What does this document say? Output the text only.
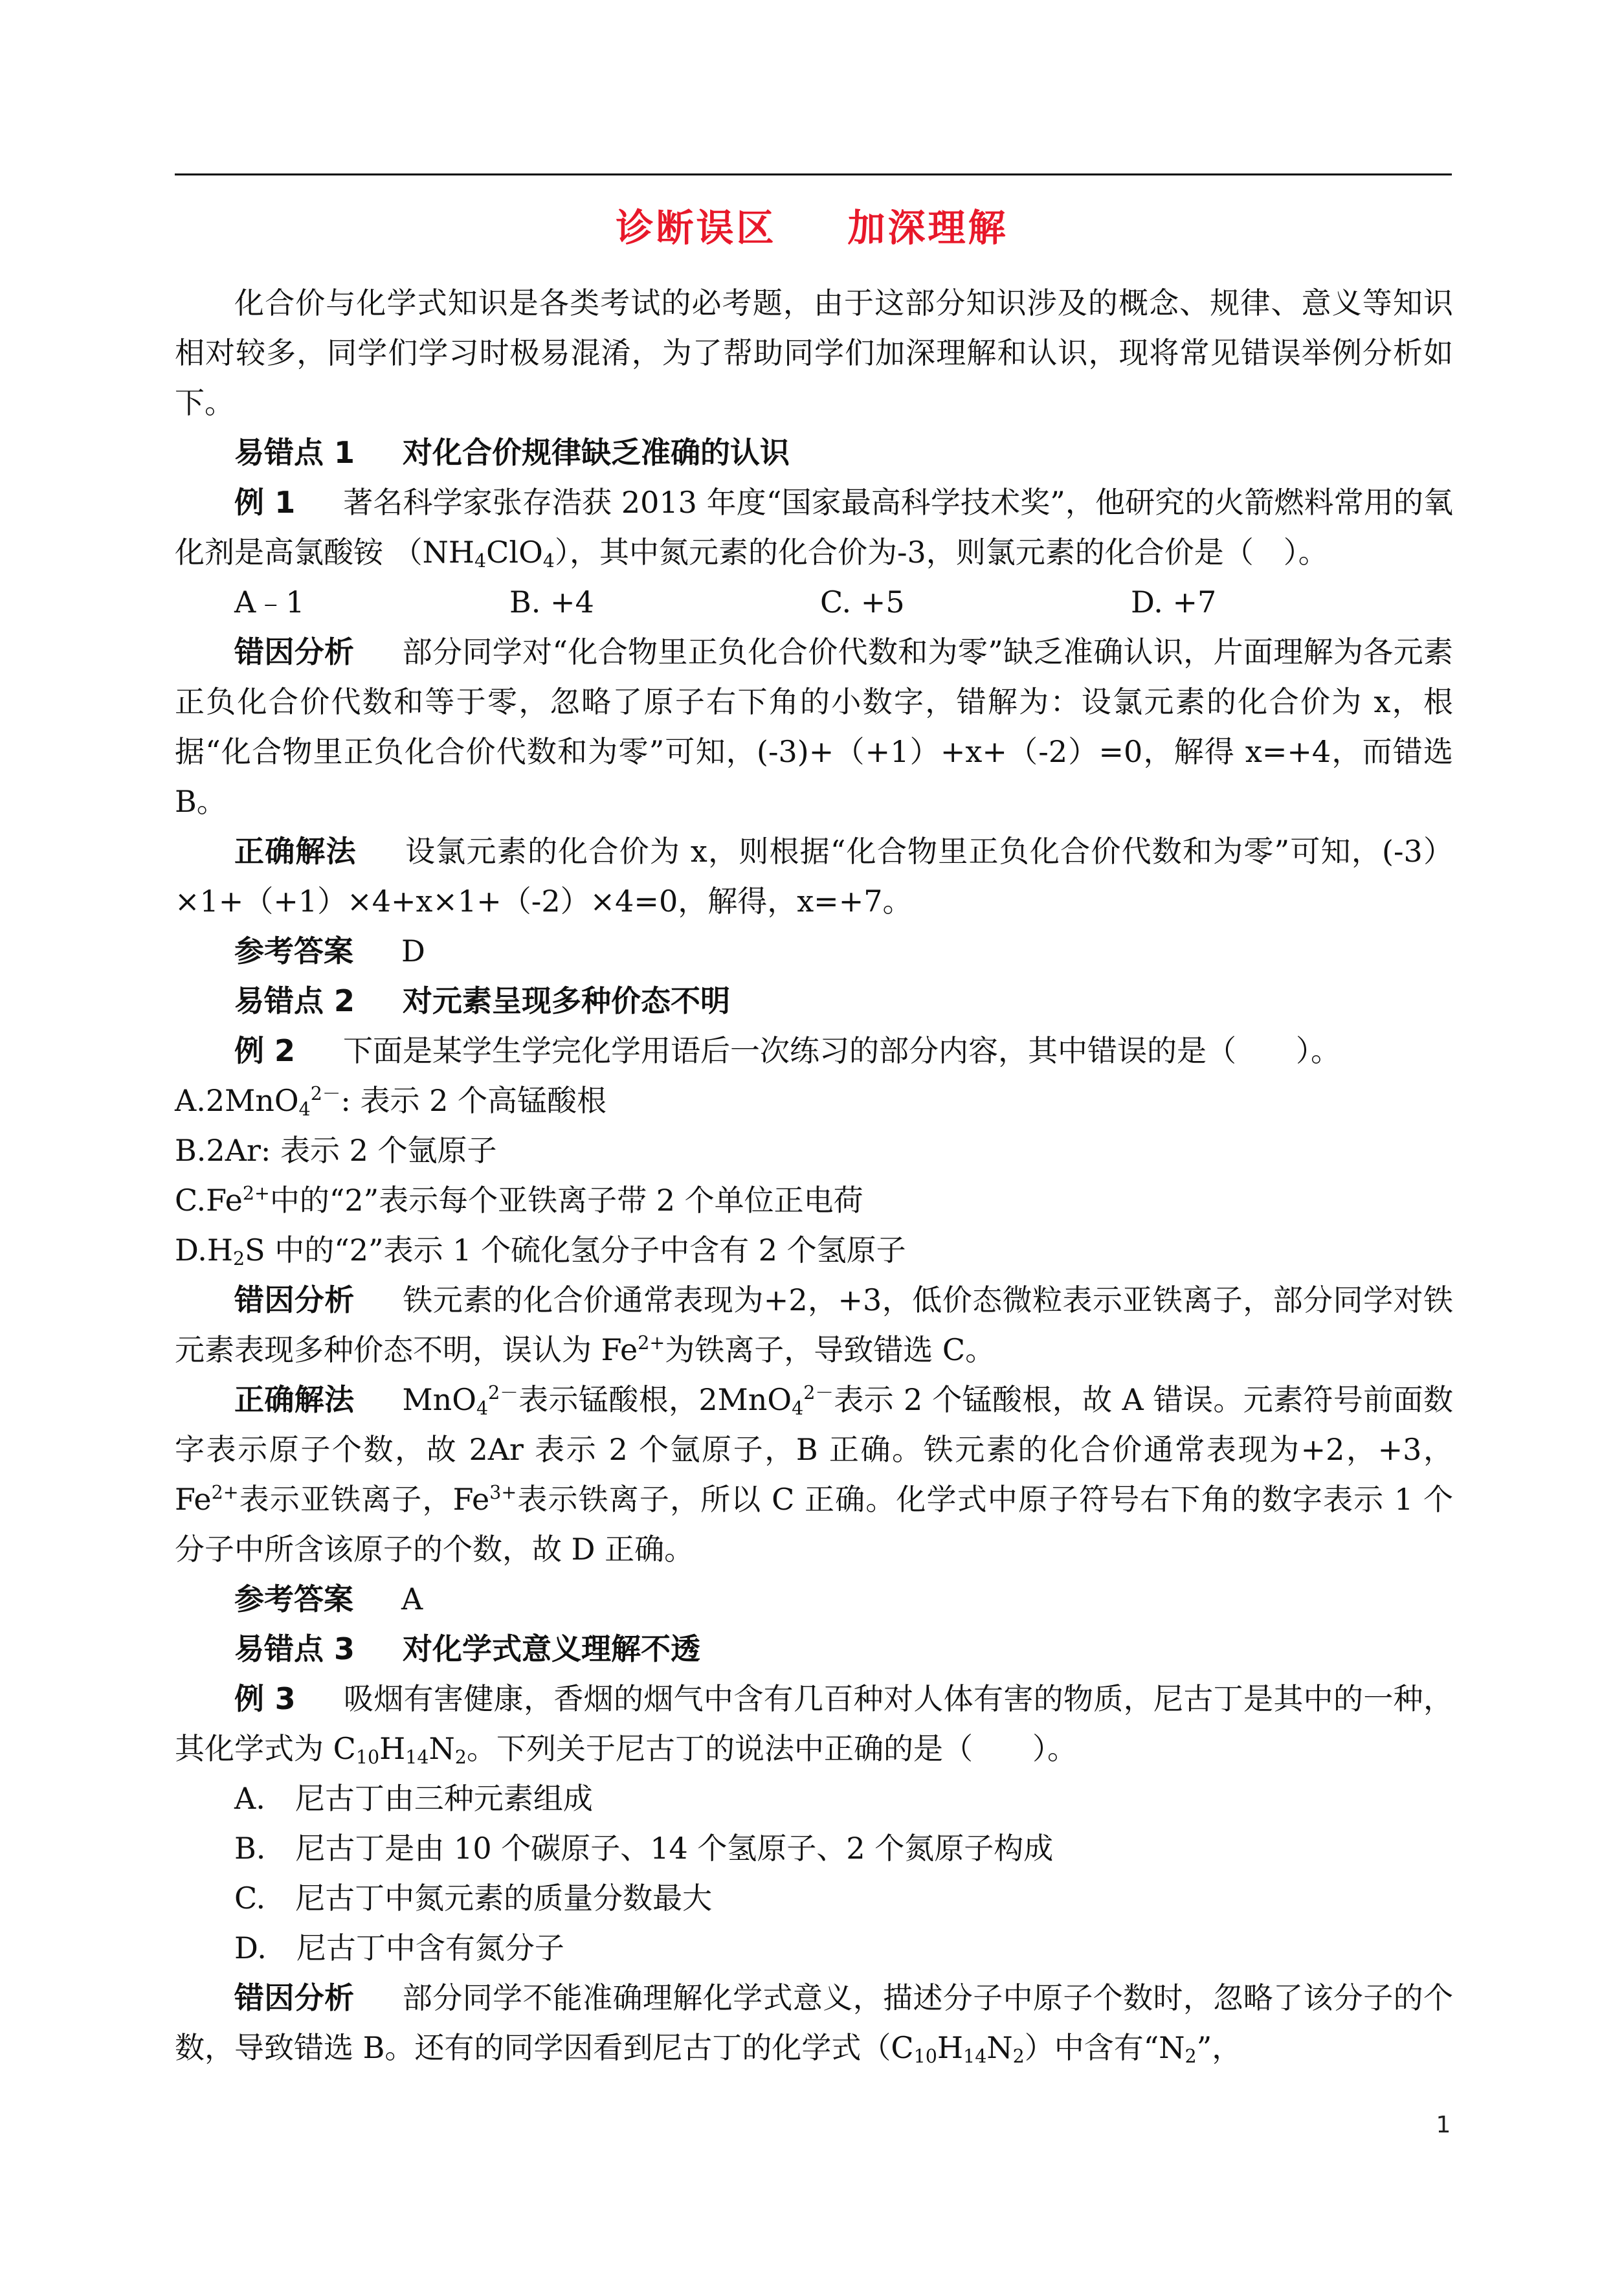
诊断误区 加深理解

化合价与化学式知识是各类考试的必考题，由于这部分知识涉及的概念、规律、意义等知识相对较多，同学们学习时极易混淆，为了帮助同学们加深理解和认识，现将常见错误举例分析如下。

易错点 1 对化合价规律缺乏准确的认识

例 1 著名科学家张存浩获 2013 年度“国家最高科学技术奖”，他研究的火箭燃料常用的氧化剂是高氯酸铵 $(NH_4ClO_4)$，其中氮元素的化合价为-3，则氯元素的化合价是（　）。

A﹣1	B. +4	C. +5	D. +7

错因分析 部分同学对“化合物里正负化合价代数和为零”缺乏准确认识，片面理解为各元素正负化合价代数和等于零，忽略了原子右下角的小数字，错解为：设氯元素的化合价为 x，根据“化合物里正负化合价代数和为零”可知，(-3)+（+1）+x+（-2）=0，解得 x=+4，而错选 B。

正确解法 设氯元素的化合价为 x，则根据“化合物里正负化合价代数和为零”可知，(-3）×1+（+1）×4+x×1+（-2）×4=0，解得，x=+7。

参考答案 D

易错点 2 对元素呈现多种价态不明

例 2 下面是某学生学完化学用语后一次练习的部分内容，其中错误的是（　　）。

A.2MnO$_4^{2-}$: 表示 2 个高锰酸根

B.2Ar: 表示 2 个氩原子

$C.Fe^{2+}$中的“2”表示每个亚铁离子带 2 个单位正电荷

$D.H_2S$ 中的“2”表示 1 个硫化氢分子中含有 2 个氢原子

错因分析 铁元素的化合价通常表现为+2，+3，低价态微粒表示亚铁离子，部分同学对铁元素表现多种价态不明，误认为 $Fe^{2+}$为铁离子，导致错选 C。

正确解法 MnO$_4^{2-}$表示锰酸根，2MnO$_4^{2-}$表示 2 个锰酸根，故 A 错误。元素符号前面数字表示原子个数，故 2Ar 表示 2 个氩原子，B 正确。铁元素的化合价通常表现为+2，+3，$Fe^{2+}$表示亚铁离子，$Fe^{3+}$表示铁离子，所以 C 正确。化学式中原子符号右下角的数字表示 1 个分子中所含该原子的个数，故 D 正确。

参考答案 A

易错点 3 对化学式意义理解不透

例 3 吸烟有害健康，香烟的烟气中含有几百种对人体有害的物质，尼古丁是其中的一种，其化学式为 $C_{10}H_{14}N_2$。下列关于尼古丁的说法中正确的是（　　）。

A.　尼古丁由三种元素组成

B.　尼古丁是由 10 个碳原子、14 个氢原子、2 个氮原子构成

C.　尼古丁中氮元素的质量分数最大

D.　尼古丁中含有氮分子

错因分析 部分同学不能准确理解化学式意义，描述分子中原子个数时，忽略了该分子的个数，导致错选 B。还有的同学因看到尼古丁的化学式$(C_{10}H_{14}N_2)$中含有“$N_2$”，

1
